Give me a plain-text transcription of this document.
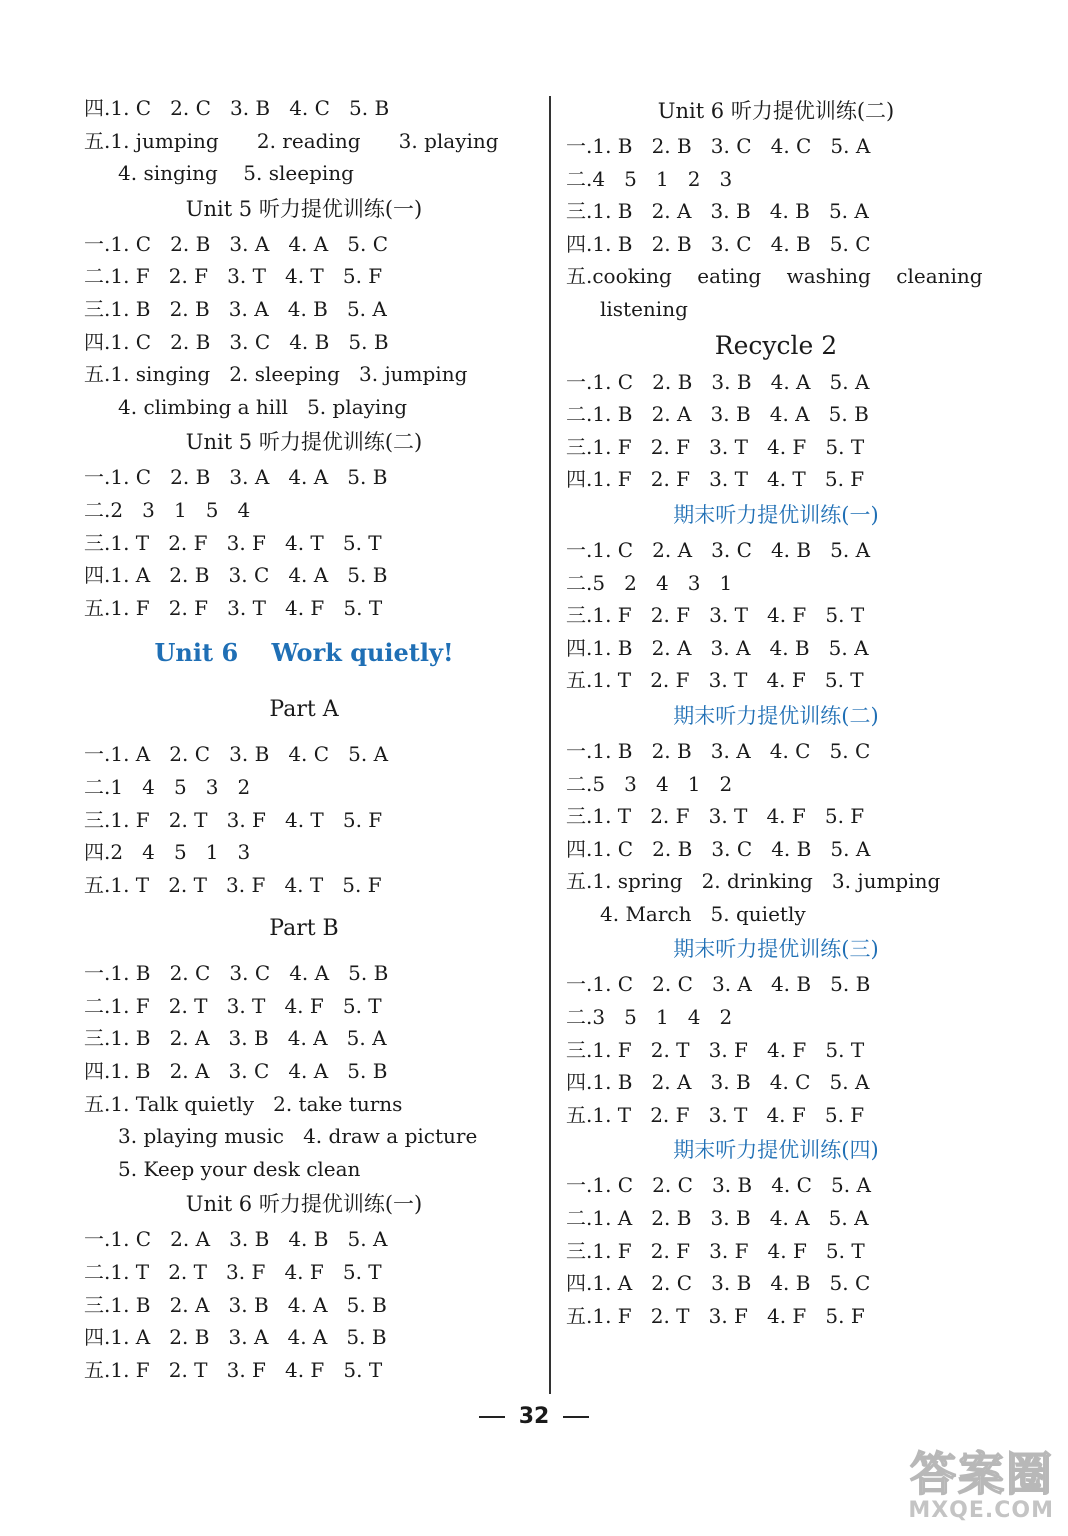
四.1. C   2. C   3. B   4. C   5. B
五.1. jumping      2. reading      3. playing
4. singing    5. sleeping
Unit 5 听力提优训练(一)
一.1. C   2. B   3. A   4. A   5. C
二.1. F   2. F   3. T   4. T   5. F
三.1. B   2. B   3. A   4. B   5. A
四.1. C   2. B   3. C   4. B   5. B
五.1. singing   2. sleeping   3. jumping
4. climbing a hill   5. playing
Unit 5 听力提优训练(二)
一.1. C   2. B   3. A   4. A   5. B
二.2   3   1   5   4
三.1. T   2. F   3. F   4. T   5. T
四.1. A   2. B   3. C   4. A   5. B
五.1. F   2. F   3. T   4. F   5. T
Unit 6    Work quietly!
Part A
一.1. A   2. C   3. B   4. C   5. A
二.1   4   5   3   2
三.1. F   2. T   3. F   4. T   5. F
四.2   4   5   1   3
五.1. T   2. T   3. F   4. T   5. F
Part B
一.1. B   2. C   3. C   4. A   5. B
二.1. F   2. T   3. T   4. F   5. T
三.1. B   2. A   3. B   4. A   5. A
四.1. B   2. A   3. C   4. A   5. B
五.1. Talk quietly   2. take turns
3. playing music   4. draw a picture
5. Keep your desk clean
Unit 6 听力提优训练(一)
一.1. C   2. A   3. B   4. B   5. A
二.1. T   2. T   3. F   4. F   5. T
三.1. B   2. A   3. B   4. A   5. B
四.1. A   2. B   3. A   4. A   5. B
五.1. F   2. T   3. F   4. F   5. T
Unit 6 听力提优训练(二)
一.1. B   2. B   3. C   4. C   5. A
二.4   5   1   2   3
三.1. B   2. A   3. B   4. B   5. A
四.1. B   2. B   3. C   4. B   5. C
五.cooking    eating    washing    cleaning
listening
Recycle 2
一.1. C   2. B   3. B   4. A   5. A
二.1. B   2. A   3. B   4. A   5. B
三.1. F   2. F   3. T   4. F   5. T
四.1. F   2. F   3. T   4. T   5. F
期末听力提优训练(一)
一.1. C   2. A   3. C   4. B   5. A
二.5   2   4   3   1
三.1. F   2. F   3. T   4. F   5. T
四.1. B   2. A   3. A   4. B   5. A
五.1. T   2. F   3. T   4. F   5. T
期末听力提优训练(二)
一.1. B   2. B   3. A   4. C   5. C
二.5   3   4   1   2
三.1. T   2. F   3. T   4. F   5. F
四.1. C   2. B   3. C   4. B   5. A
五.1. spring   2. drinking   3. jumping
4. March   5. quietly
期末听力提优训练(三)
一.1. C   2. C   3. A   4. B   5. B
二.3   5   1   4   2
三.1. F   2. T   3. F   4. F   5. T
四.1. B   2. A   3. B   4. C   5. A
五.1. T   2. F   3. T   4. F   5. F
期末听力提优训练(四)
一.1. C   2. C   3. B   4. C   5. A
二.1. A   2. B   3. B   4. A   5. A
三.1. F   2. F   3. F   4. F   5. T
四.1. A   2. C   3. B   4. B   5. C
五.1. F   2. T   3. F   4. F   5. F
32
答案圈
MXQE.COM
